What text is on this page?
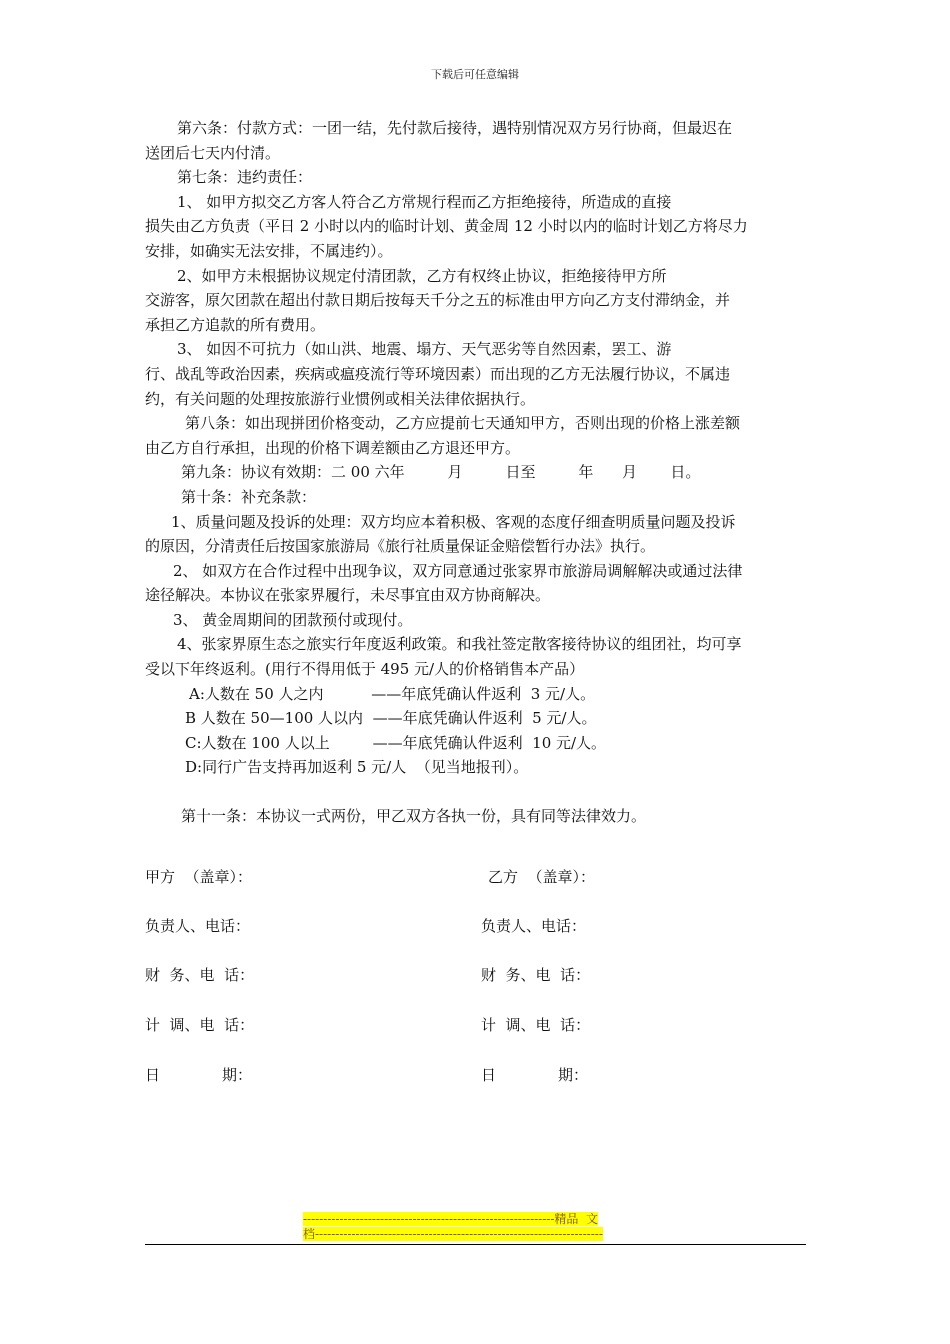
下载后可任意编辑

第六条：付款方式：一团一结，先付款后接待，遇特别情况双方另行协商，但最迟在

送团后七天内付清。

第七条：违约责任：

1、 如甲方拟交乙方客人符合乙方常规行程而乙方拒绝接待，所造成的直接

损失由乙方负责（平日 2 小时以内的临时计划、黄金周 12 小时以内的临时计划乙方将尽力

安排，如确实无法安排，不属违约）。

2、如甲方未根据协议规定付清团款，乙方有权终止协议，拒绝接待甲方所

交游客，原欠团款在超出付款日期后按每天千分之五的标准由甲方向乙方支付滞纳金，并

承担乙方追款的所有费用。

3、 如因不可抗力（如山洪、地震、塌方、天气恶劣等自然因素，罢工、游

行、战乱等政治因素，疾病或瘟疫流行等环境因素）而出现的乙方无法履行协议，不属违

约，有关问题的处理按旅游行业惯例或相关法律依据执行。

第八条：如出现拼团价格变动，乙方应提前七天通知甲方，否则出现的价格上涨差额

由乙方自行承担，出现的价格下调差额由乙方退还甲方。

第九条：协议有效期：二 00 六年         月         日至         年      月       日。

第十条：补充条款：

1、质量问题及投诉的处理：双方均应本着积极、客观的态度仔细查明质量问题及投诉

的原因，分清责任后按国家旅游局《旅行社质量保证金赔偿暂行办法》执行。

2、 如双方在合作过程中出现争议，双方同意通过张家界市旅游局调解解决或通过法律

途径解决。本协议在张家界履行，未尽事宜由双方协商解决。

3、 黄金周期间的团款预付或现付。

4、张家界原生态之旅实行年度返利政策。和我社签定散客接待协议的组团社，均可享

受以下年终返利。(用行不得用低于 495 元/人的价格销售本产品）

A:人数在 50 人之内          ——年底凭确认件返利  3 元/人。

B 人数在 50—100 人以内  ——年底凭确认件返利  5 元/人。

C:人数在 100 人以上         ——年底凭确认件返利  10 元/人。

D:同行广告支持再加返利 5 元/人  （见当地报刊）。

第十一条：本协议一式两份，甲乙双方各执一份，具有同等法律效力。

甲方  （盖章）：	乙方  （盖章）：
负责人、电话：	负责人、电话：
财  务、电  话：	财  务、电  话：
计  调、电  话：	计  调、电  话：
日             期：	日             期：
--------------------------------------------------------------精品  文
档-----------------------------------------------------------------------
